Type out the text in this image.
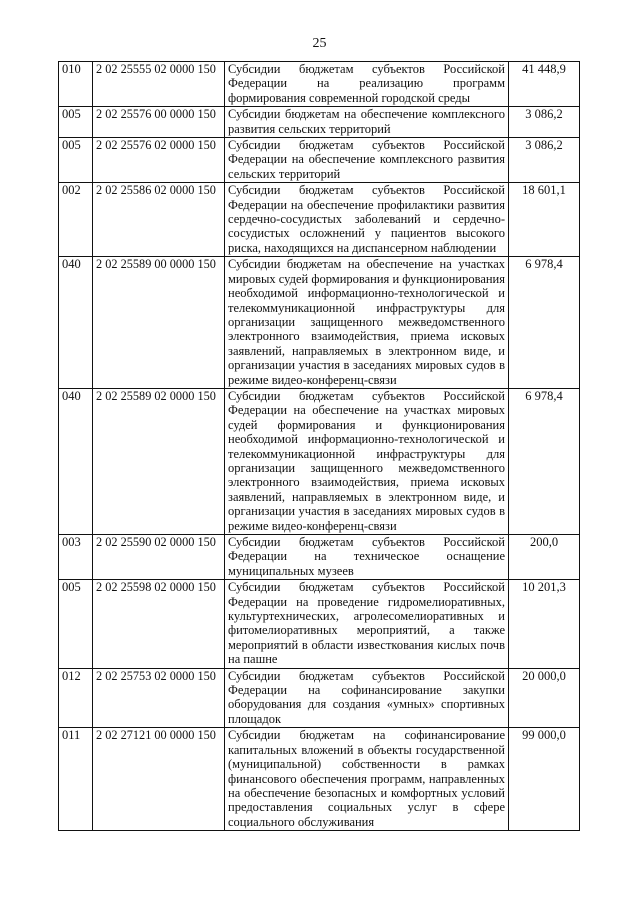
25
010	2 02 25555 02 0000 150	Субсидии бюджетам субъектов Российской Федерации на реализацию программ формирования современной городской среды	41 448,9
005	2 02 25576 00 0000 150	Субсидии бюджетам на обеспечение комплексного развития сельских территорий	3 086,2
005	2 02 25576 02 0000 150	Субсидии бюджетам субъектов Российской Федерации на обеспечение комплексного развития сельских территорий	3 086,2
002	2 02 25586 02 0000 150	Субсидии бюджетам субъектов Российской Федерации на обеспечение профилактики развития сердечно-сосудистых заболеваний и сердечно-сосудистых осложнений у пациентов высокого риска, находящихся на диспансерном наблюдении	18 601,1
040	2 02 25589 00 0000 150	Субсидии бюджетам на обеспечение на участках мировых судей формирования и функционирования необходимой информационно-технологической и телекоммуникационной инфраструктуры для организации защищенного межведомственного электронного взаимодействия, приема исковых заявлений, направляемых в электронном виде, и организации участия в заседаниях мировых судов в режиме видео-конференц-связи	6 978,4
040	2 02 25589 02 0000 150	Субсидии бюджетам субъектов Российской Федерации на обеспечение на участках мировых судей формирования и функционирования необходимой информационно-технологической и телекоммуникационной инфраструктуры для организации защищенного межведомственного электронного взаимодействия, приема исковых заявлений, направляемых в электронном виде, и организации участия в заседаниях мировых судов в режиме видео-конференц-связи	6 978,4
003	2 02 25590 02 0000 150	Субсидии бюджетам субъектов Российской Федерации на техническое оснащение муниципальных музеев	200,0
005	2 02 25598 02 0000 150	Субсидии бюджетам субъектов Российской Федерации на проведение гидромелиоративных, культуртехнических, агролесомелиоративных и фитомелиоративных мероприятий, а также мероприятий в области известкования кислых почв на пашне	10 201,3
012	2 02 25753 02 0000 150	Субсидии бюджетам субъектов Российской Федерации на софинансирование закупки оборудования для создания «умных» спортивных площадок	20 000,0
011	2 02 27121 00 0000 150	Субсидии бюджетам на софинансирование капитальных вложений в объекты государственной (муниципальной) собственности в рамках финансового обеспечения программ, направленных на обеспечение безопасных и комфортных условий предоставления социальных услуг в сфере социального обслуживания	99 000,0
